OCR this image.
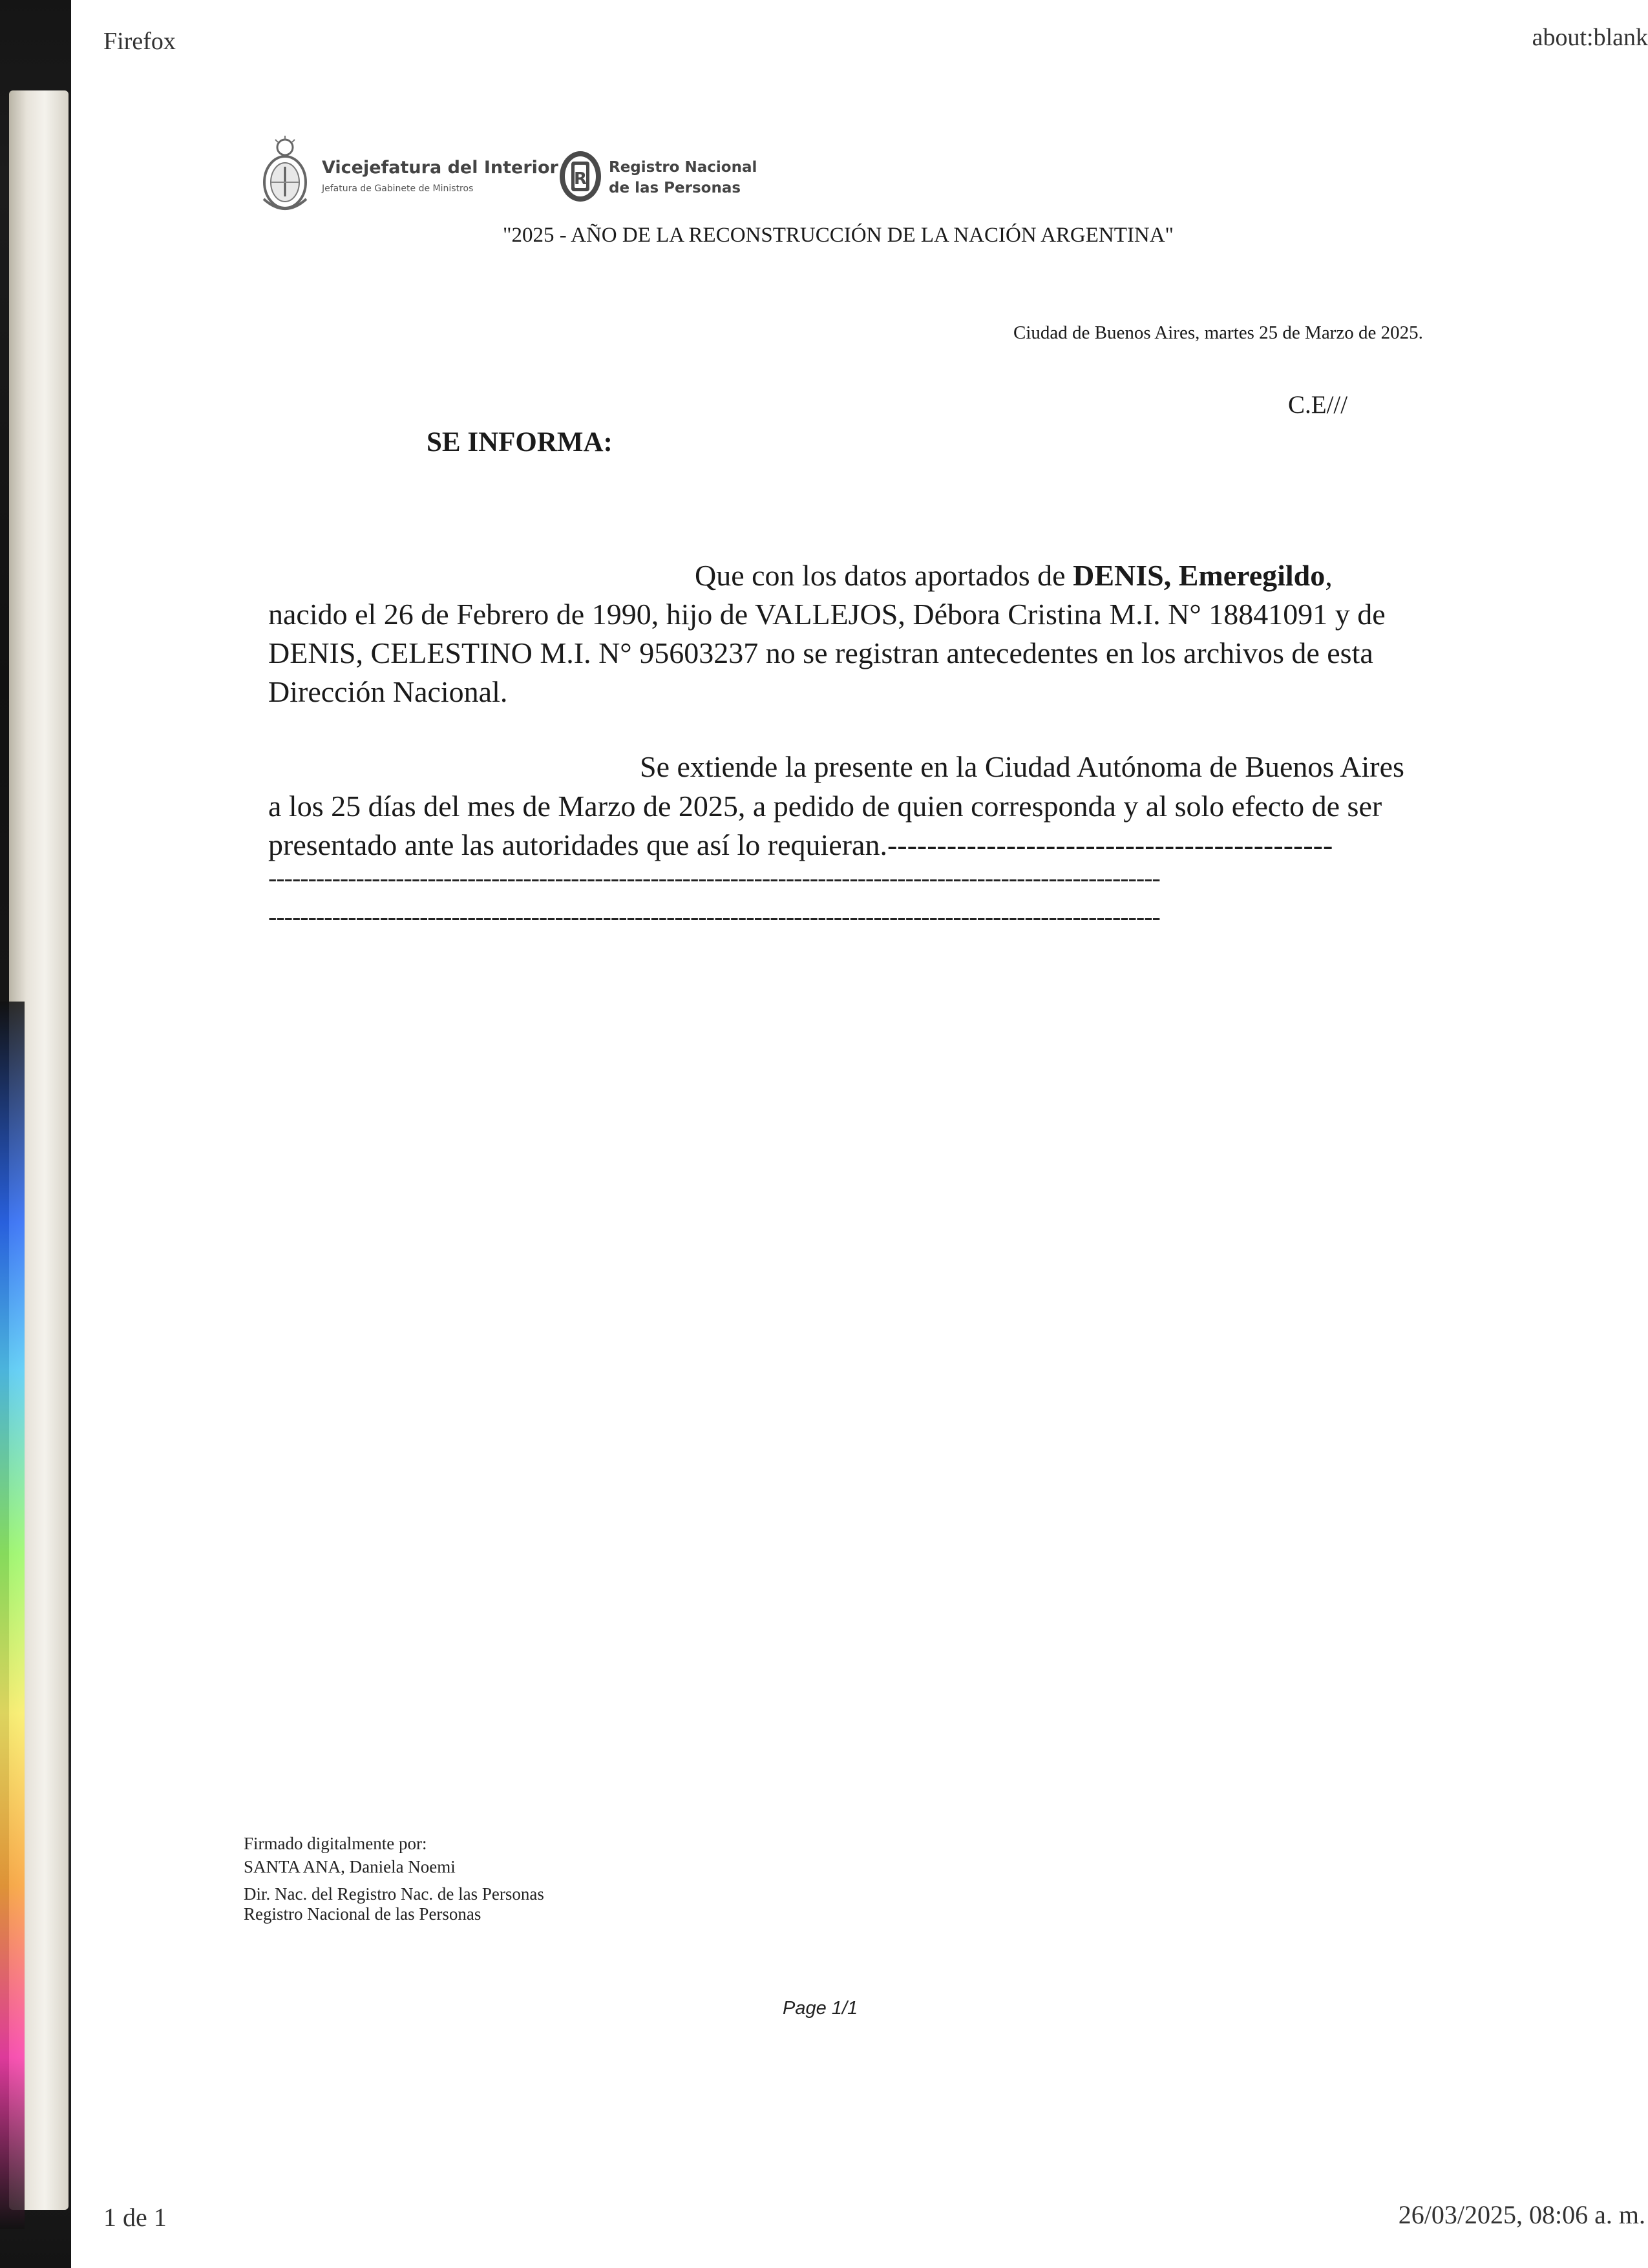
Firefox	about:blank
Vicejefatura del Interior
Jefatura de Gabinete de Ministros	R
Registro Nacional
de las Personas
"2025 - AÑO DE LA RECONSTRUCCIÓN DE LA NACIÓN ARGENTINA"
Ciudad de Buenos Aires, martes 25 de Marzo de 2025.
C.E///
SE INFORMA:
Que con los datos aportados de DENIS, Emeregildo,
nacido el 26 de Febrero de 1990, hijo de VALLEJOS, Débora Cristina M.I. N° 18841091 y de
DENIS, CELESTINO M.I. N° 95603237 no se registran antecedentes en los archivos de esta
Dirección Nacional.
Se extiende la presente en la Ciudad Autónoma de Buenos Aires
a los 25 días del mes de Marzo de 2025, a pedido de quien corresponda y al solo efecto de ser
presentado ante las autoridades que así lo requieran.---------------------------------------------
----------------------------------------------------------------------------------------------------------------
----------------------------------------------------------------------------------------------------------------
Firmado digitalmente por:
SANTA ANA, Daniela Noemi
Dir. Nac. del Registro Nac. de las Personas
Registro Nacional de las Personas
Page 1/1
1 de 1	26/03/2025, 08:06 a. m.
